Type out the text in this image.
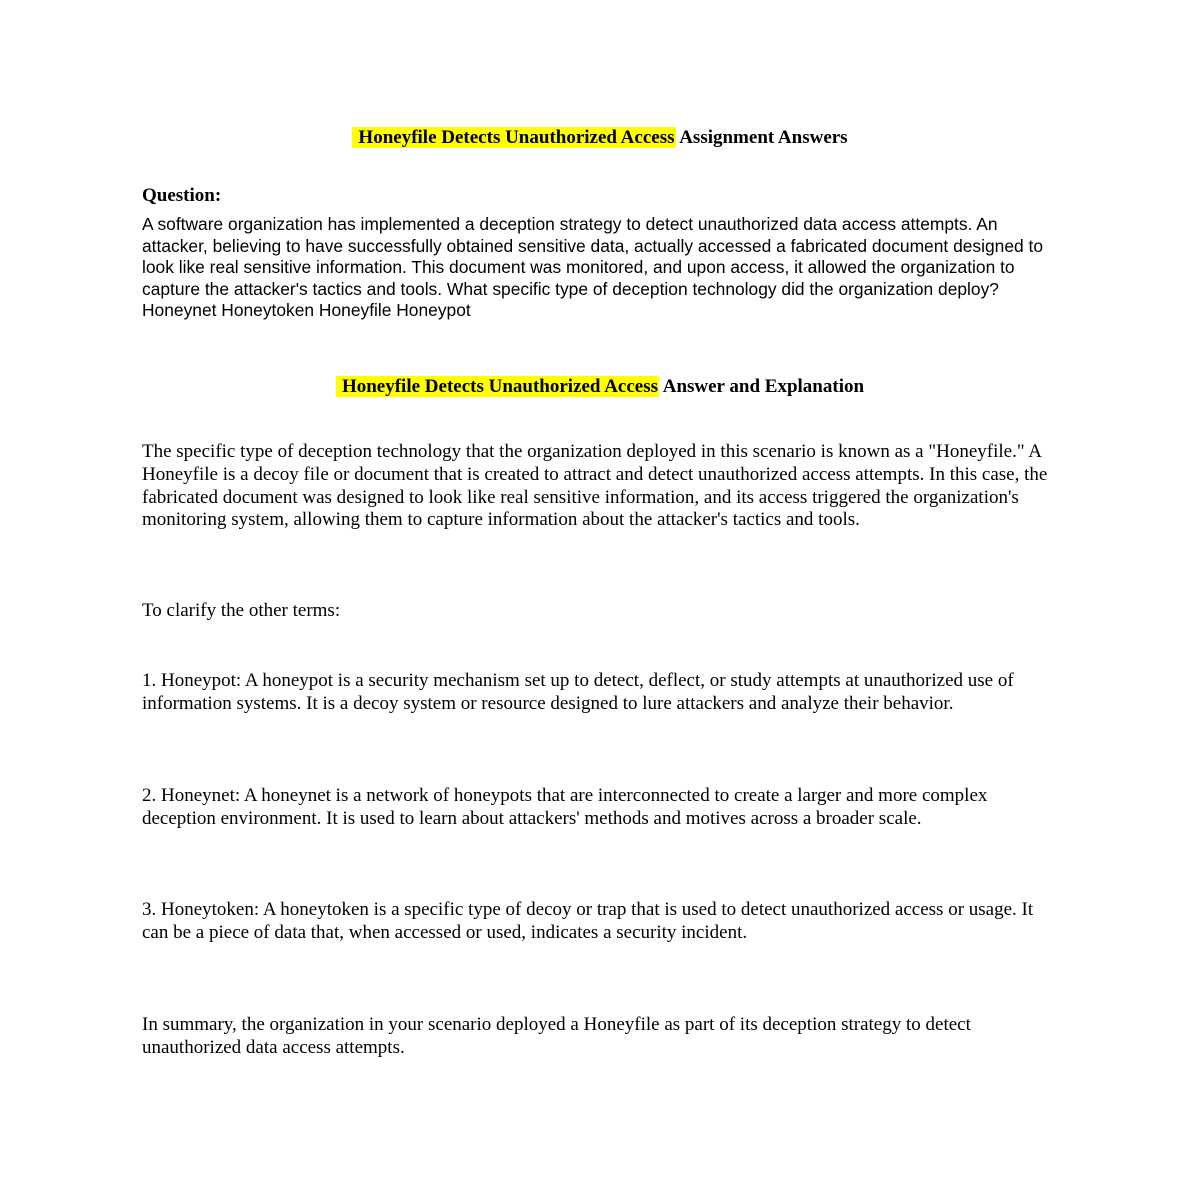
Honeyfile Detects Unauthorized Access Assignment Answers
Question:
A software organization has implemented a deception strategy to detect unauthorized data access attempts. An attacker, believing to have successfully obtained sensitive data, actually accessed a fabricated document designed to look like real sensitive information. This document was monitored, and upon access, it allowed the organization to capture the attacker's tactics and tools. What specific type of deception technology did the organization deploy? Honeynet Honeytoken Honeyfile Honeypot
Honeyfile Detects Unauthorized Access Answer and Explanation
The specific type of deception technology that the organization deployed in this scenario is known as a "Honeyfile." A Honeyfile is a decoy file or document that is created to attract and detect unauthorized access attempts. In this case, the fabricated document was designed to look like real sensitive information, and its access triggered the organization's monitoring system, allowing them to capture information about the attacker's tactics and tools.
To clarify the other terms:
1. Honeypot: A honeypot is a security mechanism set up to detect, deflect, or study attempts at unauthorized use of information systems. It is a decoy system or resource designed to lure attackers and analyze their behavior.
2. Honeynet: A honeynet is a network of honeypots that are interconnected to create a larger and more complex deception environment. It is used to learn about attackers' methods and motives across a broader scale.
3. Honeytoken: A honeytoken is a specific type of decoy or trap that is used to detect unauthorized access or usage. It can be a piece of data that, when accessed or used, indicates a security incident.
In summary, the organization in your scenario deployed a Honeyfile as part of its deception strategy to detect unauthorized data access attempts.
